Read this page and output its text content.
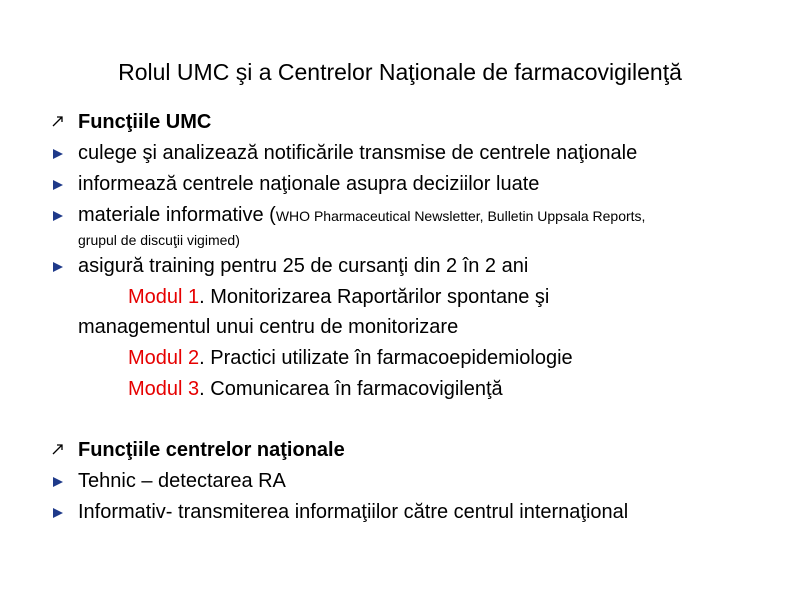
Rolul UMC şi a Centrelor Naţionale de farmacovigilenţă
Funcţiile UMC
culege şi analizează notificările transmise de centrele naţionale
informează centrele naţionale asupra deciziilor luate
materiale informative (WHO Pharmaceutical Newsletter, Bulletin Uppsala Reports,
grupul de discuţii vigimed)
asigură training pentru 25 de cursanţi din 2 în 2 ani
Modul 1. Monitorizarea Raportărilor spontane şi
managementul unui centru de monitorizare
Modul 2. Practici utilizate în farmacoepidemiologie
Modul 3. Comunicarea în farmacovigilenţă
Funcţiile centrelor naţionale
Tehnic – detectarea RA
Informativ- transmiterea informaţiilor către centrul internaţional
